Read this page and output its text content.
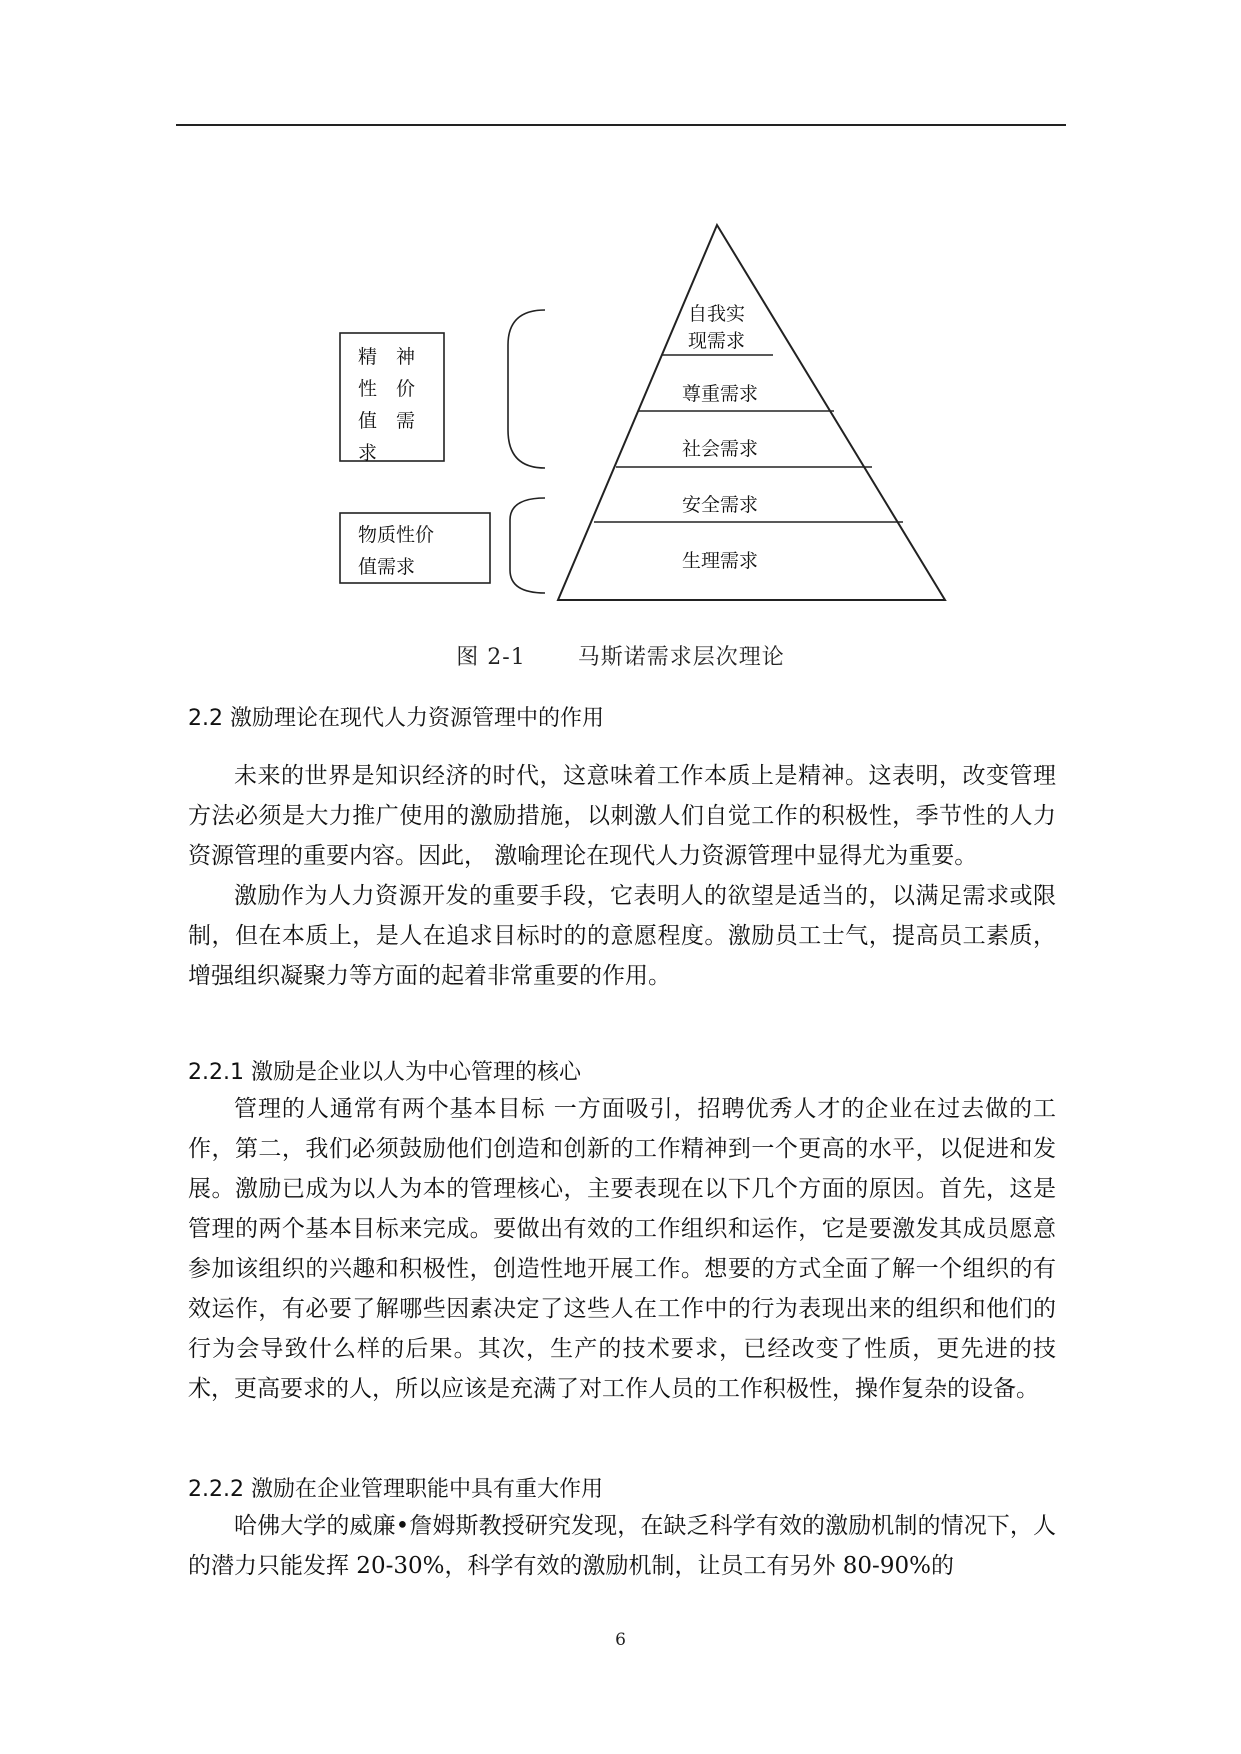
自我实
现需求
尊重需求
社会需求
安全需求
生理需求
精　神
性　价
值　需
求
物质性价
值需求
图 2-1 马斯诺需求层次理论
2.2 激励理论在现代人力资源管理中的作用

未来的世界是知识经济的时代，这意味着工作本质上是精神。这表明，改变管理方法必须是大力推广使用的激励措施，以刺激人们自觉工作的积极性，季节性的人力资源管理的重要内容。因此， 激喻理论在现代人力资源管理中显得尤为重要。

激励作为人力资源开发的重要手段，它表明人的欲望是适当的，以满足需求或限制，但在本质上，是人在追求目标时的的意愿程度。激励员工士气，提高员工素质，增强组织凝聚力等方面的起着非常重要的作用。

2.2.1 激励是企业以人为中心管理的核心

管理的人通常有两个基本目标 一方面吸引，招聘优秀人才的企业在过去做的工作，第二，我们必须鼓励他们创造和创新的工作精神到一个更高的水平，以促进和发展。激励已成为以人为本的管理核心，主要表现在以下几个方面的原因。首先，这是管理的两个基本目标来完成。要做出有效的工作组织和运作，它是要激发其成员愿意参加该组织的兴趣和积极性，创造性地开展工作。想要的方式全面了解一个组织的有效运作，有必要了解哪些因素决定了这些人在工作中的行为表现出来的组织和他们的行为会导致什么样的后果。其次，生产的技术要求，已经改变了性质，更先进的技术，更高要求的人，所以应该是充满了对工作人员的工作积极性，操作复杂的设备。

2.2.2 激励在企业管理职能中具有重大作用

哈佛大学的威廉•詹姆斯教授研究发现，在缺乏科学有效的激励机制的情况下，人的潜力只能发挥 20-30%，科学有效的激励机制，让员工有另外 80-90%的

6
